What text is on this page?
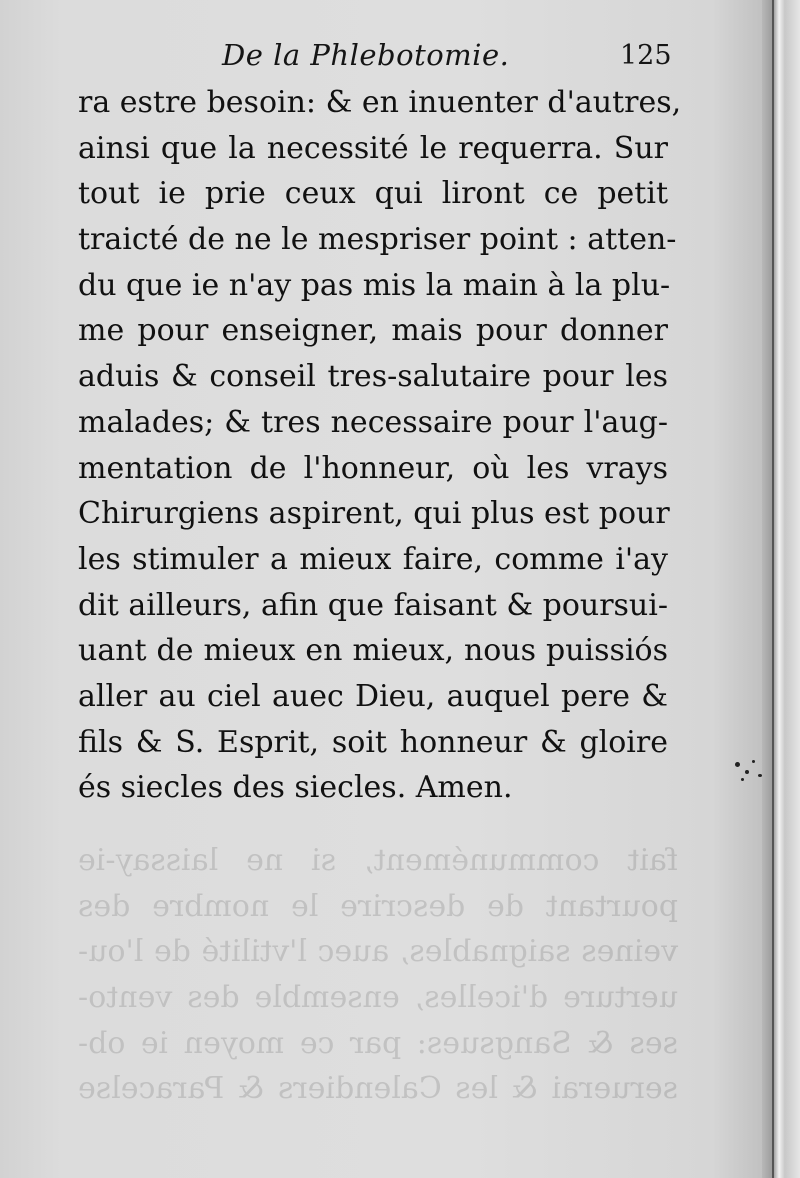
fait communément, si ne laissay-ie
pourtant de descrire le nombre des
veines saignables, auec l'vtilité de l'ou-
uerture d'icelles, ensemble des vento-
ses & Sangsues: par ce moyen ie ob-
seruerai & les Calendiers & Paracelse
De la Phlebotomie.	125
ra estre besoin: & en inuenter d'autres,
ainsi que la necessité le requerra. Sur
tout ie prie ceux qui liront ce petit
traicté de ne le mespriser point : atten-
du que ie n'ay pas mis la main à la plu-
me pour enseigner, mais pour donner
aduis & conseil tres-salutaire pour les
malades; & tres necessaire pour l'aug-
mentation de l'honneur, où les vrays
Chirurgiens aspirent, qui plus est pour
les stimuler a mieux faire, comme i'ay
dit ailleurs, afin que faisant & poursui-
uant de mieux en mieux, nous puissiós
aller au ciel auec Dieu, auquel pere &
fils & S. Esprit, soit honneur & gloire
és siecles des siecles. Amen.
